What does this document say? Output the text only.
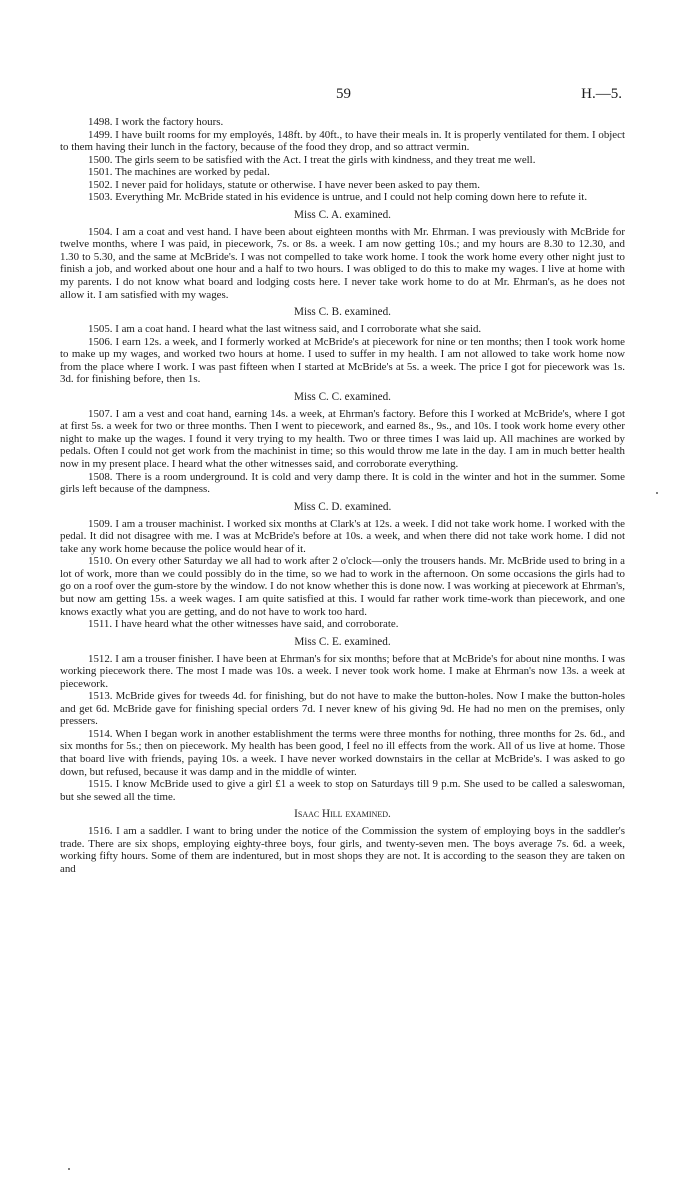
59	H.—5.

1498. I work the factory hours.

1499. I have built rooms for my employés, 148ft. by 40ft., to have their meals in. It is properly ventilated for them. I object to them having their lunch in the factory, because of the food they drop, and so attract vermin.

1500. The girls seem to be satisfied with the Act. I treat the girls with kindness, and they treat me well.

1501. The machines are worked by pedal.

1502. I never paid for holidays, statute or otherwise. I have never been asked to pay them.

1503. Everything Mr. McBride stated in his evidence is untrue, and I could not help coming down here to refute it.

Miss C. A. examined.

1504. I am a coat and vest hand. I have been about eighteen months with Mr. Ehrman. I was previously with McBride for twelve months, where I was paid, in piecework, 7s. or 8s. a week. I am now getting 10s.; and my hours are 8.30 to 12.30, and 1.30 to 5.30, and the same at McBride's. I was not compelled to take work home. I took the work home every other night just to finish a job, and worked about one hour and a half to two hours. I was obliged to do this to make my wages. I live at home with my parents. I do not know what board and lodging costs here. I never take work home to do at Mr. Ehrman's, as he does not allow it. I am satisfied with my wages.

Miss C. B. examined.

1505. I am a coat hand. I heard what the last witness said, and I corroborate what she said.

1506. I earn 12s. a week, and I formerly worked at McBride's at piecework for nine or ten months; then I took work home to make up my wages, and worked two hours at home. I used to suffer in my health. I am not allowed to take work home now from the place where I work. I was past fifteen when I started at McBride's at 5s. a week. The price I got for piecework was 1s. 3d. for finishing before, then 1s.

Miss C. C. examined.

1507. I am a vest and coat hand, earning 14s. a week, at Ehrman's factory. Before this I worked at McBride's, where I got at first 5s. a week for two or three months. Then I went to piecework, and earned 8s., 9s., and 10s. I took work home every other night to make up the wages. I found it very trying to my health. Two or three times I was laid up. All machines are worked by pedals. Often I could not get work from the machinist in time; so this would throw me late in the day. I am in much better health now in my present place. I heard what the other witnesses said, and corroborate everything.

1508. There is a room underground. It is cold and very damp there. It is cold in the winter and hot in the summer. Some girls left because of the dampness.

Miss C. D. examined.

1509. I am a trouser machinist. I worked six months at Clark's at 12s. a week. I did not take work home. I worked with the pedal. It did not disagree with me. I was at McBride's before at 10s. a week, and when there did not take work home. I did not take any work home because the police would hear of it.

1510. On every other Saturday we all had to work after 2 o'clock—only the trousers hands. Mr. McBride used to bring in a lot of work, more than we could possibly do in the time, so we had to work in the afternoon. On some occasions the girls had to go on a roof over the gum-store by the window. I do not know whether this is done now. I was working at piecework at Ehrman's, but now am getting 15s. a week wages. I am quite satisfied at this. I would far rather work time-work than piecework, and one knows exactly what you are getting, and do not have to work too hard.

1511. I have heard what the other witnesses have said, and corroborate.

Miss C. E. examined.

1512. I am a trouser finisher. I have been at Ehrman's for six months; before that at McBride's for about nine months. I was working piecework there. The most I made was 10s. a week. I never took work home. I make at Ehrman's now 13s. a week at piecework.

1513. McBride gives for tweeds 4d. for finishing, but do not have to make the button-holes. Now I make the button-holes and get 6d. McBride gave for finishing special orders 7d. I never knew of his giving 9d. He had no men on the premises, only pressers.

1514. When I began work in another establishment the terms were three months for nothing, three months for 2s. 6d., and six months for 5s.; then on piecework. My health has been good, I feel no ill effects from the work. All of us live at home. Those that board live with friends, paying 10s. a week. I have never worked downstairs in the cellar at McBride's. I was asked to go down, but refused, because it was damp and in the middle of winter.

1515. I know McBride used to give a girl £1 a week to stop on Saturdays till 9 p.m. She used to be called a saleswoman, but she sewed all the time.

Isaac Hill examined.

1516. I am a saddler. I want to bring under the notice of the Commission the system of employing boys in the saddler's trade. There are six shops, employing eighty-three boys, four girls, and twenty-seven men. The boys average 7s. 6d. a week, working fifty hours. Some of them are indentured, but in most shops they are not. It is according to the season they are taken on and
